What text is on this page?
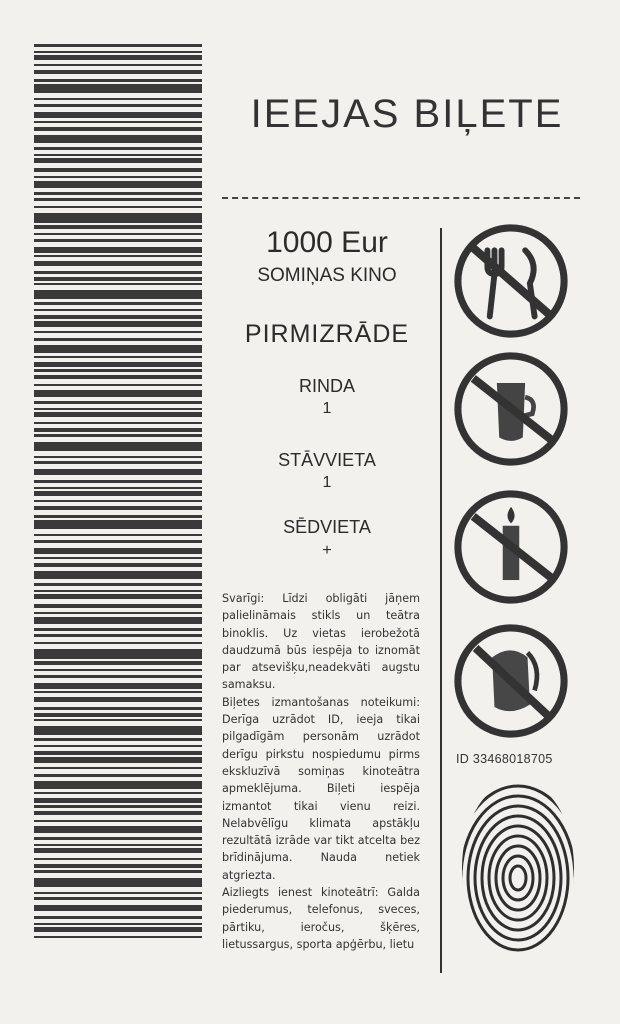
IEEJAS BIĻETE
1000 Eur
SOMIŅAS KINO
PIRMIZRĀDE
RINDA
1
STĀVVIETA
1
SĒDVIETA
+

Svarīgi: Līdzi obligāti jāņem palielināmais stikls un teātra binoklis. Uz vietas ierobežotā daudzumā būs iespēja to iznomāt par atsevišķu,neadekvāti augstu samaksu.

Biļetes izmantošanas noteikumi: Derīga uzrādot ID, ieeja tikai pilgadīgām personām uzrādot derīgu pirkstu nospiedumu pirms ekskluzīvā somiņas kinoteātra apmeklējuma. Biļeti iespēja izmantot tikai vienu reizi. Nelabvēlīgu klimata apstākļu rezultātā izrāde var tikt atcelta bez brīdinājuma. Nauda netiek atgriezta.

Aizliegts ienest kinoteātrī: Galda piederumus, telefonus, sveces, pārtiku, ieročus, šķēres, lietussargus, sporta apģērbu, lietu

ID 33468018705
